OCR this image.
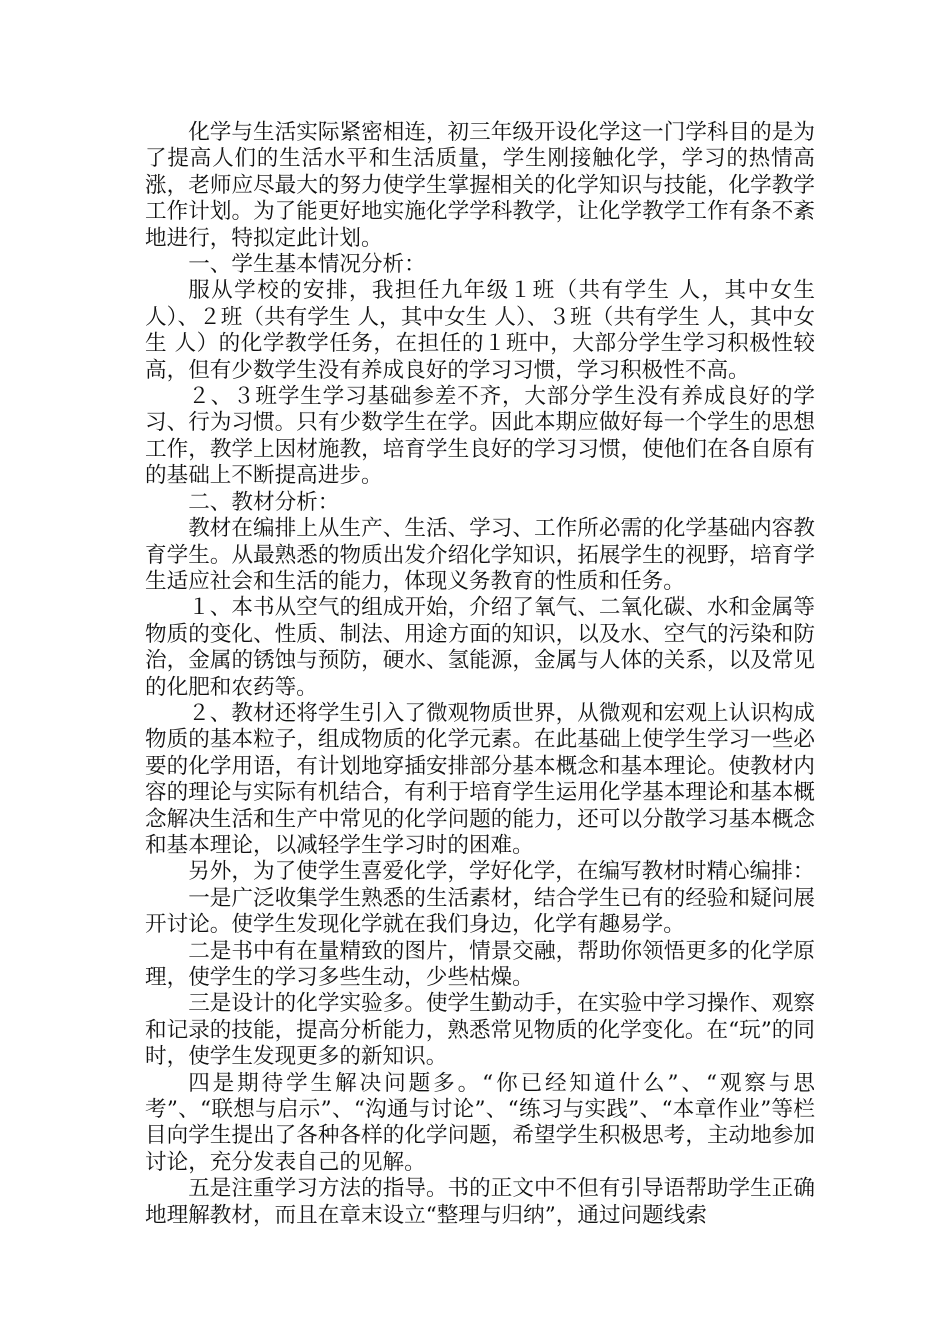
化学与生活实际紧密相连，初三年级开设化学这一门学科目的是为了提高人们的生活水平和生活质量，学生刚接触化学，学习的热情高涨，老师应尽最大的努力使学生掌握相关的化学知识与技能，化学教学工作计划。为了能更好地实施化学学科教学，让化学教学工作有条不紊地进行，特拟定此计划。

一、学生基本情况分析：

服从学校的安排，我担任九年级１班（共有学生 人，其中女生 人）、２班（共有学生 人，其中女生 人）、３班（共有学生 人，其中女生 人）的化学教学任务，在担任的１班中，大部分学生学习积极性较高，但有少数学生没有养成良好的学习习惯，学习积极性不高。

２、３班学生学习基础参差不齐，大部分学生没有养成良好的学习、行为习惯。只有少数学生在学。因此本期应做好每一个学生的思想工作，教学上因材施教，培育学生良好的学习习惯，使他们在各自原有的基础上不断提高进步。

二、教材分析：

教材在编排上从生产、生活、学习、工作所必需的化学基础内容教育学生。从最熟悉的物质出发介绍化学知识，拓展学生的视野，培育学生适应社会和生活的能力，体现义务教育的性质和任务。

１、本书从空气的组成开始，介绍了氧气、二氧化碳、水和金属等物质的变化、性质、制法、用途方面的知识，以及水、空气的污染和防治，金属的锈蚀与预防，硬水、氢能源，金属与人体的关系，以及常见的化肥和农药等。

２、教材还将学生引入了微观物质世界，从微观和宏观上认识构成物质的基本粒子，组成物质的化学元素。在此基础上使学生学习一些必要的化学用语，有计划地穿插安排部分基本概念和基本理论。使教材内容的理论与实际有机结合，有利于培育学生运用化学基本理论和基本概念解决生活和生产中常见的化学问题的能力，还可以分散学习基本概念和基本理论，以减轻学生学习时的困难。

另外，为了使学生喜爱化学，学好化学，在编写教材时精心编排：

一是广泛收集学生熟悉的生活素材，结合学生已有的经验和疑问展开讨论。使学生发现化学就在我们身边，化学有趣易学。

二是书中有在量精致的图片，情景交融，帮助你领悟更多的化学原理，使学生的学习多些生动，少些枯燥。

三是设计的化学实验多。使学生勤动手，在实验中学习操作、观察和记录的技能，提高分析能力，熟悉常见物质的化学变化。在“玩”的同时，使学生发现更多的新知识。

四是期待学生解决问题多。“你已经知道什么”、“观察与思考”、“联想与启示”、“沟通与讨论”、“练习与实践”、“本章作业”等栏目向学生提出了各种各样的化学问题，希望学生积极思考，主动地参加讨论，充分发表自己的见解。

五是注重学习方法的指导。书的正文中不但有引导语帮助学生正确地理解教材，而且在章末设立“整理与归纳”，通过问题线索
